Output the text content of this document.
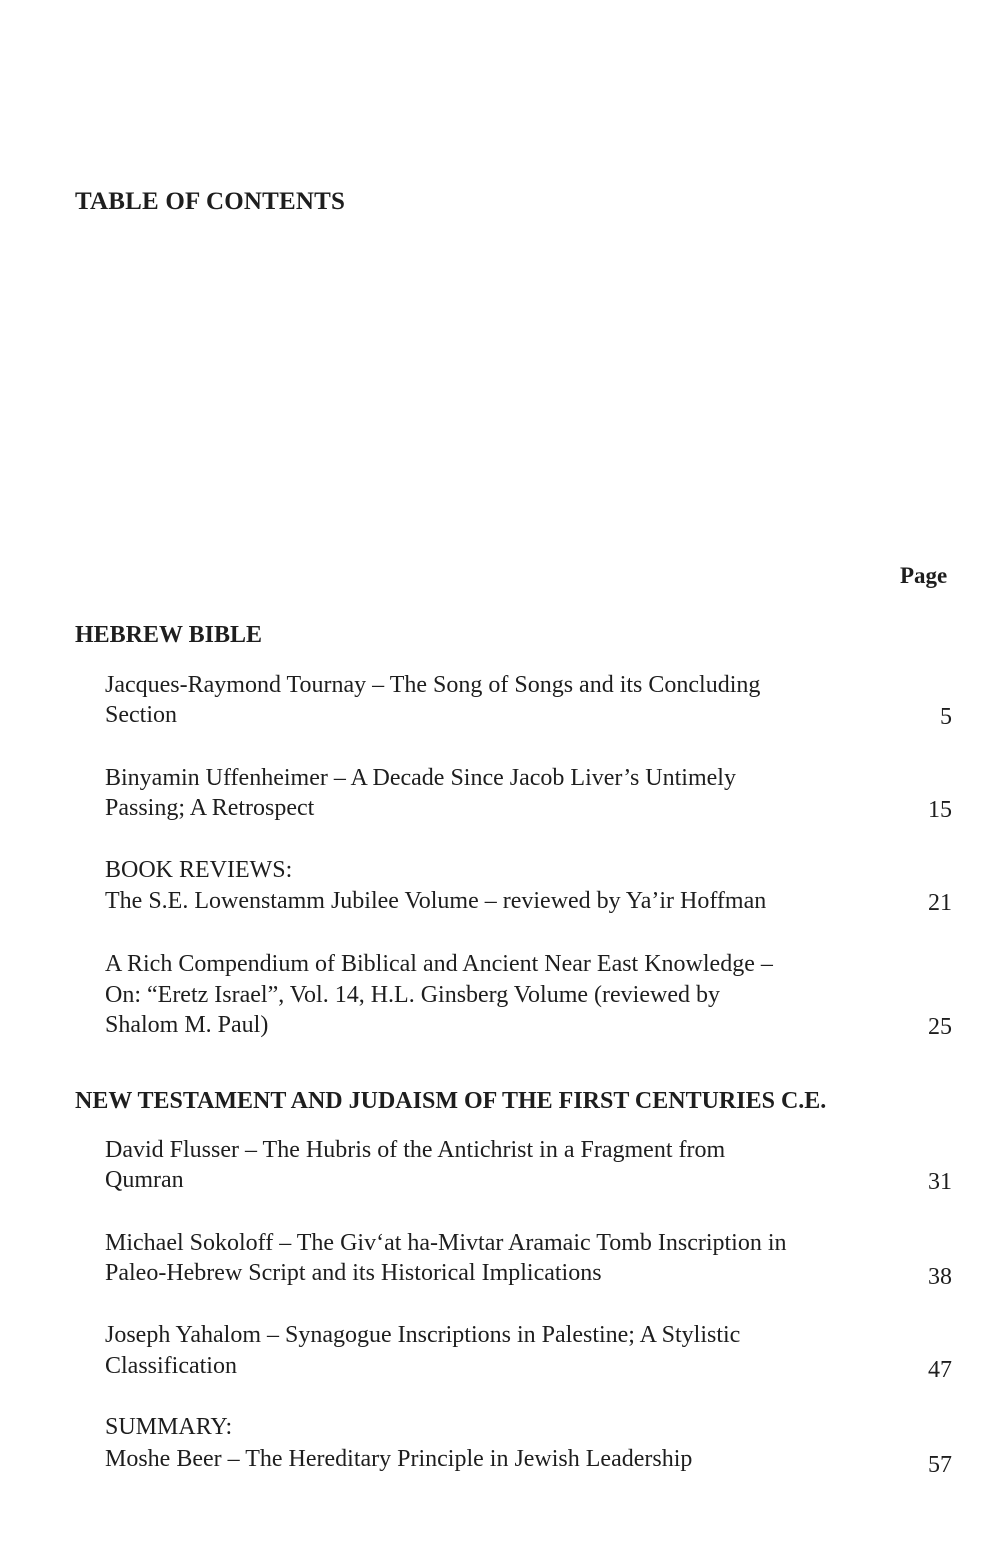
TABLE OF CONTENTS
Page
HEBREW BIBLE
Jacques-Raymond Tournay – The Song of Songs and its Concluding
Section	5
Binyamin Uffenheimer – A Decade Since Jacob Liver’s Untimely
Passing; A Retrospect	15
BOOK REVIEWS:
The S.E. Lowenstamm Jubilee Volume – reviewed by Ya’ir Hoffman	21
A Rich Compendium of Biblical and Ancient Near East Knowledge –
On: “Eretz Israel”, Vol. 14, H.L. Ginsberg Volume (reviewed by
Shalom M. Paul)	25
NEW TESTAMENT AND JUDAISM OF THE FIRST CENTURIES C.E.
David Flusser – The Hubris of the Antichrist in a Fragment from
Qumran	31
Michael Sokoloff – The Giv‘at ha-Mivtar Aramaic Tomb Inscription in
Paleo-Hebrew Script and its Historical Implications	38
Joseph Yahalom – Synagogue Inscriptions in Palestine; A Stylistic
Classification	47
SUMMARY:
Moshe Beer – The Hereditary Principle in Jewish Leadership	57
